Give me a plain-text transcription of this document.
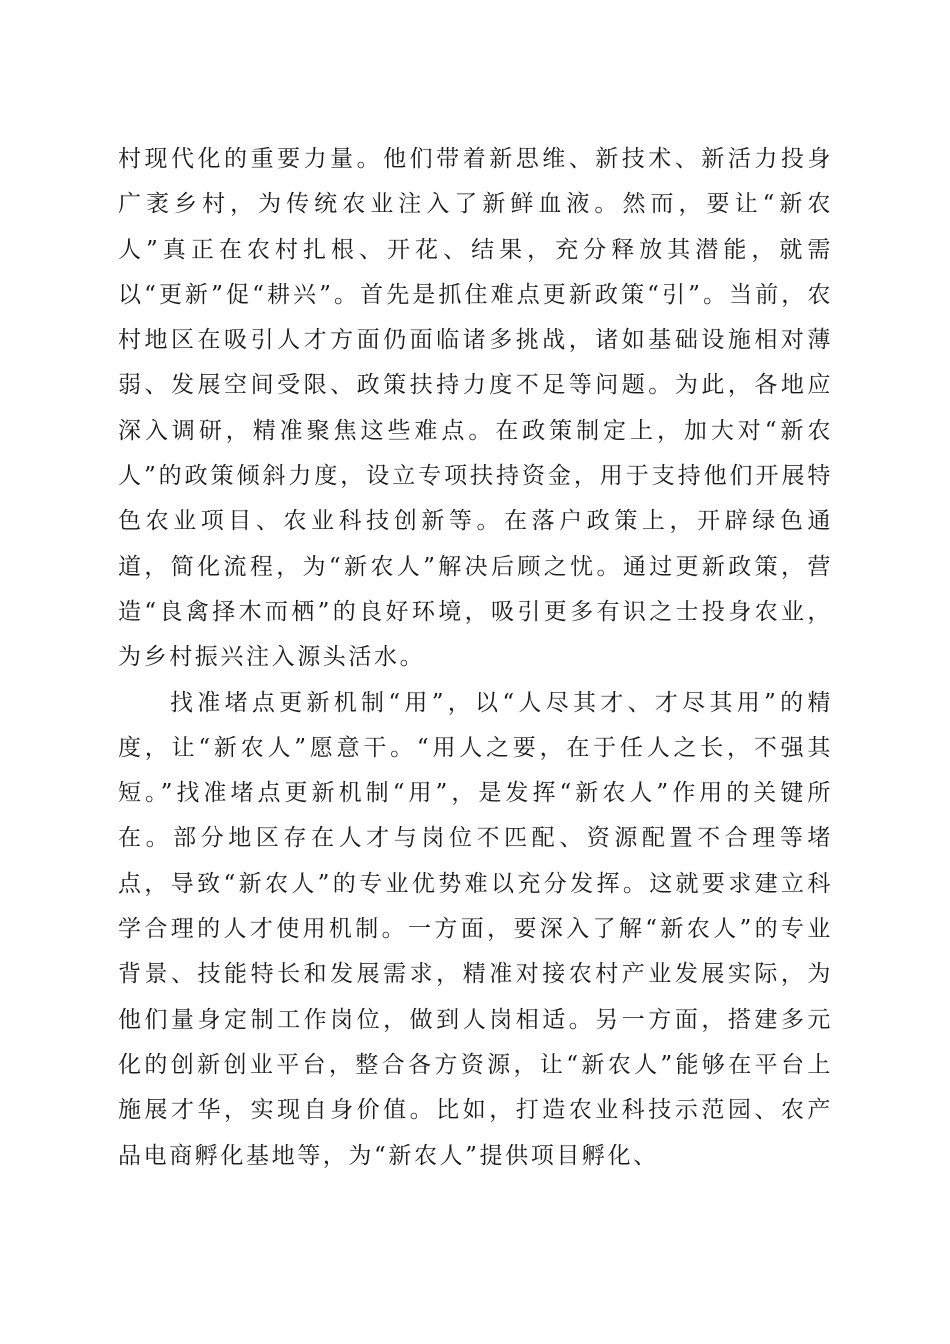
村现代化的重要力量。他们带着新思维、新技术、新活力投身广袤乡村，为传统农业注入了新鲜血液。然而，要让“新农人”真正在农村扎根、开花、结果，充分释放其潜能，就需以“更新”促“耕兴”。首先是抓住难点更新政策“引”。当前，农村地区在吸引人才方面仍面临诸多挑战，诸如基础设施相对薄弱、发展空间受限、政策扶持力度不足等问题。为此，各地应深入调研，精准聚焦这些难点。在政策制定上，加大对“新农人”的政策倾斜力度，设立专项扶持资金，用于支持他们开展特色农业项目、农业科技创新等。在落户政策上，开辟绿色通道，简化流程，为“新农人”解决后顾之忧。通过更新政策，营造“良禽择木而栖”的良好环境，吸引更多有识之士投身农业，为乡村振兴注入源头活水。

找准堵点更新机制“用”，以“人尽其才、才尽其用”的精度，让“新农人”愿意干。“用人之要，在于任人之长，不强其短。”找准堵点更新机制“用”，是发挥“新农人”作用的关键所在。部分地区存在人才与岗位不匹配、资源配置不合理等堵点，导致“新农人”的专业优势难以充分发挥。这就要求建立科学合理的人才使用机制。一方面，要深入了解“新农人”的专业背景、技能特长和发展需求，精准对接农村产业发展实际，为他们量身定制工作岗位，做到人岗相适。另一方面，搭建多元化的创新创业平台，整合各方资源，让“新农人”能够在平台上施展才华，实现自身价值。比如，打造农业科技示范园、农产品电商孵化基地等，为“新农人”提供项目孵化、
